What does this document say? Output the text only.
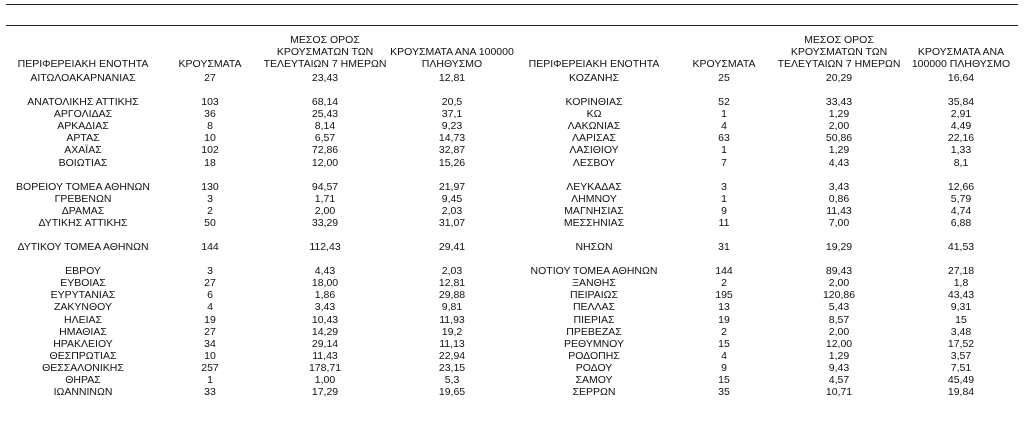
ΠΕΡΙΦΕΡΕΙΑΚΗ ΕΝΟΤΗΤΑ	ΚΡΟΥΣΜΑΤΑ	ΜΕΣΟΣ ΟΡΟΣ ΚΡΟΥΣΜΑΤΩΝ ΤΩΝ ΤΕΛΕΥΤΑΙΩΝ 7 ΗΜΕΡΩΝ	ΚΡΟΥΣΜΑΤΑ ΑΝΑ 100000 ΠΛΗΘΥΣΜΟ
ΑΙΤΩΛΟΑΚΑΡΝΑΝΙΑΣ	27	23,43	12,81

ΑΝΑΤΟΛΙΚΗΣ ΑΤΤΙΚΗΣ	103	68,14	20,5
ΑΡΓΟΛΙΔΑΣ	36	25,43	37,1
ΑΡΚΑΔΙΑΣ	8	8,14	9,23
ΑΡΤΑΣ	10	6,57	14,73
ΑΧΑΪΑΣ	102	72,86	32,87
ΒΟΙΩΤΙΑΣ	18	12,00	15,26

ΒΟΡΕΙΟΥ ΤΟΜΕΑ ΑΘΗΝΩΝ	130	94,57	21,97
ΓΡΕΒΕΝΩΝ	3	1,71	9,45
ΔΡΑΜΑΣ	2	2,00	2,03
ΔΥΤΙΚΗΣ ΑΤΤΙΚΗΣ	50	33,29	31,07

ΔΥΤΙΚΟΥ ΤΟΜΕΑ ΑΘΗΝΩΝ	144	112,43	29,41

ΕΒΡΟΥ	3	4,43	2,03
ΕΥΒΟΙΑΣ	27	18,00	12,81
ΕΥΡΥΤΑΝΙΑΣ	6	1,86	29,88
ΖΑΚΥΝΘΟΥ	4	3,43	9,81
ΗΛΕΙΑΣ	19	10,43	11,93
ΗΜΑΘΙΑΣ	27	14,29	19,2
ΗΡΑΚΛΕΙΟΥ	34	29,14	11,13
ΘΕΣΠΡΩΤΙΑΣ	10	11,43	22,94
ΘΕΣΣΑΛΟΝΙΚΗΣ	257	178,71	23,15
ΘΗΡΑΣ	1	1,00	5,3
ΙΩΑΝΝΙΝΩΝ	33	17,29	19,65
ΠΕΡΙΦΕΡΕΙΑΚΗ ΕΝΟΤΗΤΑ	ΚΡΟΥΣΜΑΤΑ	ΜΕΣΟΣ ΟΡΟΣ ΚΡΟΥΣΜΑΤΩΝ ΤΩΝ ΤΕΛΕΥΤΑΙΩΝ 7 ΗΜΕΡΩΝ	ΚΡΟΥΣΜΑΤΑ ΑΝΑ 100000 ΠΛΗΘΥΣΜΟ
ΚΟΖΑΝΗΣ	25	20,29	16,64

ΚΟΡΙΝΘΙΑΣ	52	33,43	35,84
ΚΩ	1	1,29	2,91
ΛΑΚΩΝΙΑΣ	4	2,00	4,49
ΛΑΡΙΣΑΣ	63	50,86	22,16
ΛΑΣΙΘΙΟΥ	1	1,29	1,33
ΛΕΣΒΟΥ	7	4,43	8,1

ΛΕΥΚΑΔΑΣ	3	3,43	12,66
ΛΗΜΝΟΥ	1	0,86	5,79
ΜΑΓΝΗΣΙΑΣ	9	11,43	4,74
ΜΕΣΣΗΝΙΑΣ	11	7,00	6,88

ΝΗΣΩΝ	31	19,29	41,53

ΝΟΤΙΟΥ ΤΟΜΕΑ ΑΘΗΝΩΝ	144	89,43	27,18
ΞΑΝΘΗΣ	2	2,00	1,8
ΠΕΙΡΑΙΩΣ	195	120,86	43,43
ΠΕΛΛΑΣ	13	5,43	9,31
ΠΙΕΡΙΑΣ	19	8,57	15
ΠΡΕΒΕΖΑΣ	2	2,00	3,48
ΡΕΘΥΜΝΟΥ	15	12,00	17,52
ΡΟΔΟΠΗΣ	4	1,29	3,57
ΡΟΔΟΥ	9	9,43	7,51
ΣΑΜΟΥ	15	4,57	45,49
ΣΕΡΡΩΝ	35	10,71	19,84
